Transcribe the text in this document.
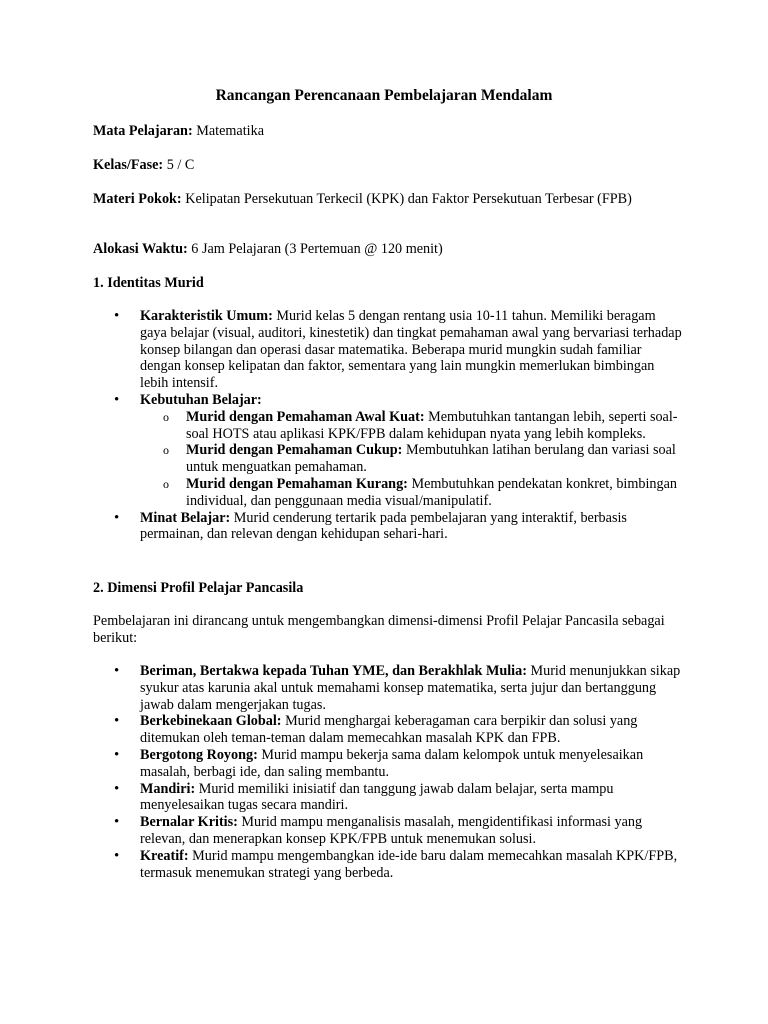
Rancangan Perencanaan Pembelajaran Mendalam
Mata Pelajaran: Matematika
Kelas/Fase: 5 / C
Materi Pokok: Kelipatan Persekutuan Terkecil (KPK) dan Faktor Persekutuan Terbesar (FPB)
Alokasi Waktu: 6 Jam Pelajaran (3 Pertemuan @ 120 menit)
1. Identitas Murid
• Karakteristik Umum: Murid kelas 5 dengan rentang usia 10-11 tahun. Memiliki beragam gaya belajar (visual, auditori, kinestetik) dan tingkat pemahaman awal yang bervariasi terhadap konsep bilangan dan operasi dasar matematika. Beberapa murid mungkin sudah familiar dengan konsep kelipatan dan faktor, sementara yang lain mungkin memerlukan bimbingan lebih intensif.
• Kebutuhan Belajar:
o Murid dengan Pemahaman Awal Kuat: Membutuhkan tantangan lebih, seperti soal-soal HOTS atau aplikasi KPK/FPB dalam kehidupan nyata yang lebih kompleks.
o Murid dengan Pemahaman Cukup: Membutuhkan latihan berulang dan variasi soal untuk menguatkan pemahaman.
o Murid dengan Pemahaman Kurang: Membutuhkan pendekatan konkret, bimbingan individual, dan penggunaan media visual/manipulatif.
• Minat Belajar: Murid cenderung tertarik pada pembelajaran yang interaktif, berbasis permainan, dan relevan dengan kehidupan sehari-hari.
2. Dimensi Profil Pelajar Pancasila
Pembelajaran ini dirancang untuk mengembangkan dimensi-dimensi Profil Pelajar Pancasila sebagai berikut:
• Beriman, Bertakwa kepada Tuhan YME, dan Berakhlak Mulia: Murid menunjukkan sikap syukur atas karunia akal untuk memahami konsep matematika, serta jujur dan bertanggung jawab dalam mengerjakan tugas.
• Berkebinekaan Global: Murid menghargai keberagaman cara berpikir dan solusi yang ditemukan oleh teman-teman dalam memecahkan masalah KPK dan FPB.
• Bergotong Royong: Murid mampu bekerja sama dalam kelompok untuk menyelesaikan masalah, berbagi ide, dan saling membantu.
• Mandiri: Murid memiliki inisiatif dan tanggung jawab dalam belajar, serta mampu menyelesaikan tugas secara mandiri.
• Bernalar Kritis: Murid mampu menganalisis masalah, mengidentifikasi informasi yang relevan, dan menerapkan konsep KPK/FPB untuk menemukan solusi.
• Kreatif: Murid mampu mengembangkan ide-ide baru dalam memecahkan masalah KPK/FPB, termasuk menemukan strategi yang berbeda.
